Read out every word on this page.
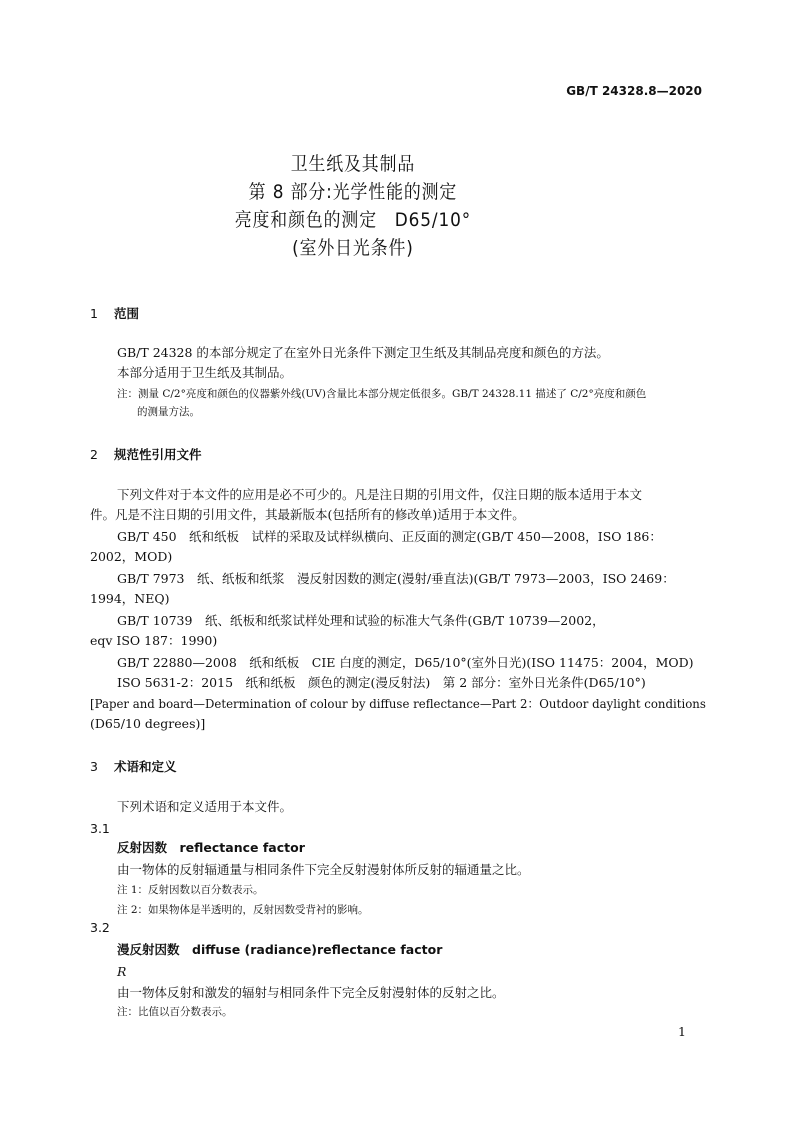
GB/T 24328.8—2020
卫生纸及其制品
第 8 部分:光学性能的测定
亮度和颜色的测定　D65/10°
(室外日光条件)
1 范围
GB/T 24328 的本部分规定了在室外日光条件下测定卫生纸及其制品亮度和颜色的方法。
本部分适用于卫生纸及其制品。
注：测量 C/2°亮度和颜色的仪器紫外线(UV)含量比本部分规定低很多。GB/T 24328.11 描述了 C/2°亮度和颜色
的测量方法。
2 规范性引用文件
下列文件对于本文件的应用是必不可少的。凡是注日期的引用文件，仅注日期的版本适用于本文
件。凡是不注日期的引用文件，其最新版本(包括所有的修改单)适用于本文件。
GB/T 450　纸和纸板　试样的采取及试样纵横向、正反面的测定(GB/T 450—2008，ISO 186：
2002，MOD)
GB/T 7973　纸、纸板和纸浆　漫反射因数的测定(漫射/垂直法)(GB/T 7973—2003，ISO 2469：
1994，NEQ)
GB/T 10739　纸、纸板和纸浆试样处理和试验的标准大气条件(GB/T 10739—2002，
eqv ISO 187：1990)
GB/T 22880—2008　纸和纸板　CIE 白度的测定，D65/10°(室外日光)(ISO 11475：2004，MOD)
ISO 5631-2：2015　纸和纸板　颜色的测定(漫反射法)　第 2 部分：室外日光条件(D65/10°)
[Paper and board—Determination of colour by diffuse reflectance—Part 2：Outdoor daylight conditions
(D65/10 degrees)]
3 术语和定义
下列术语和定义适用于本文件。
3.1
反射因数　reflectance factor
由一物体的反射辐通量与相同条件下完全反射漫射体所反射的辐通量之比。
注 1：反射因数以百分数表示。
注 2：如果物体是半透明的，反射因数受背衬的影响。
3.2
漫反射因数　diffuse (radiance)reflectance factor
R
由一物体反射和激发的辐射与相同条件下完全反射漫射体的反射之比。
注：比值以百分数表示。
1
